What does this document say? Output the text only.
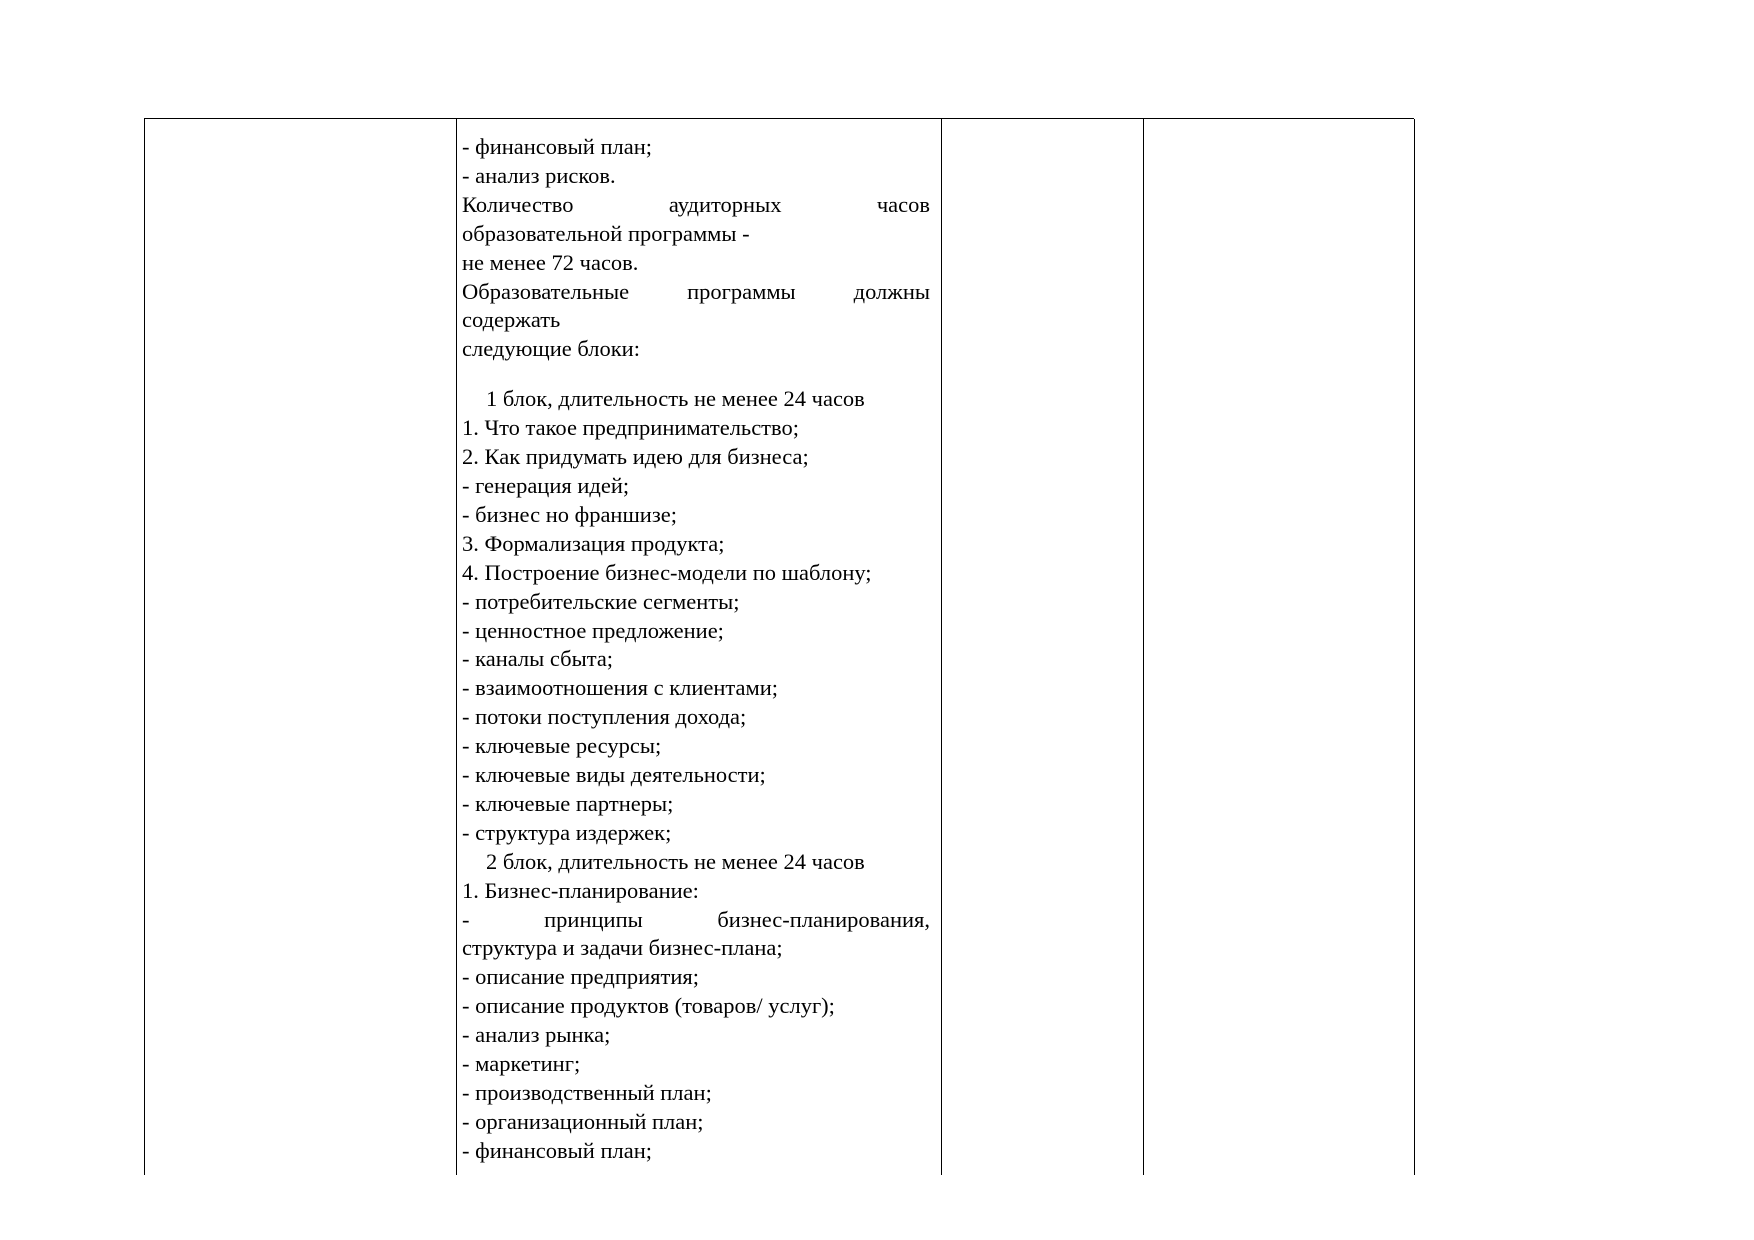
- финансовый план;
- анализ рисков.
Количество	аудиторных	часов
образовательной программы -
не менее 72 часов.
Образовательные	программы	должны
содержать
следующие блоки:
1 блок, длительность не менее 24 часов
1. Что такое предпринимательство;
2. Как придумать идею для бизнеса;
- генерация идей;
- бизнес но франшизе;
3. Формализация продукта;
4. Построение бизнес-модели по шаблону;
- потребительские сегменты;
- ценностное предложение;
- каналы сбыта;
- взаимоотношения с клиентами;
- потоки поступления дохода;
- ключевые ресурсы;
- ключевые виды деятельности;
- ключевые партнеры;
- структура издержек;
2 блок, длительность не менее 24 часов
1. Бизнес-планирование:
-	принципы	бизнес-планирования,
структура и задачи бизнес-плана;
- описание предприятия;
- описание продуктов (товаров/ услуг);
- анализ рынка;
- маркетинг;
- производственный план;
- организационный план;
- финансовый план;
